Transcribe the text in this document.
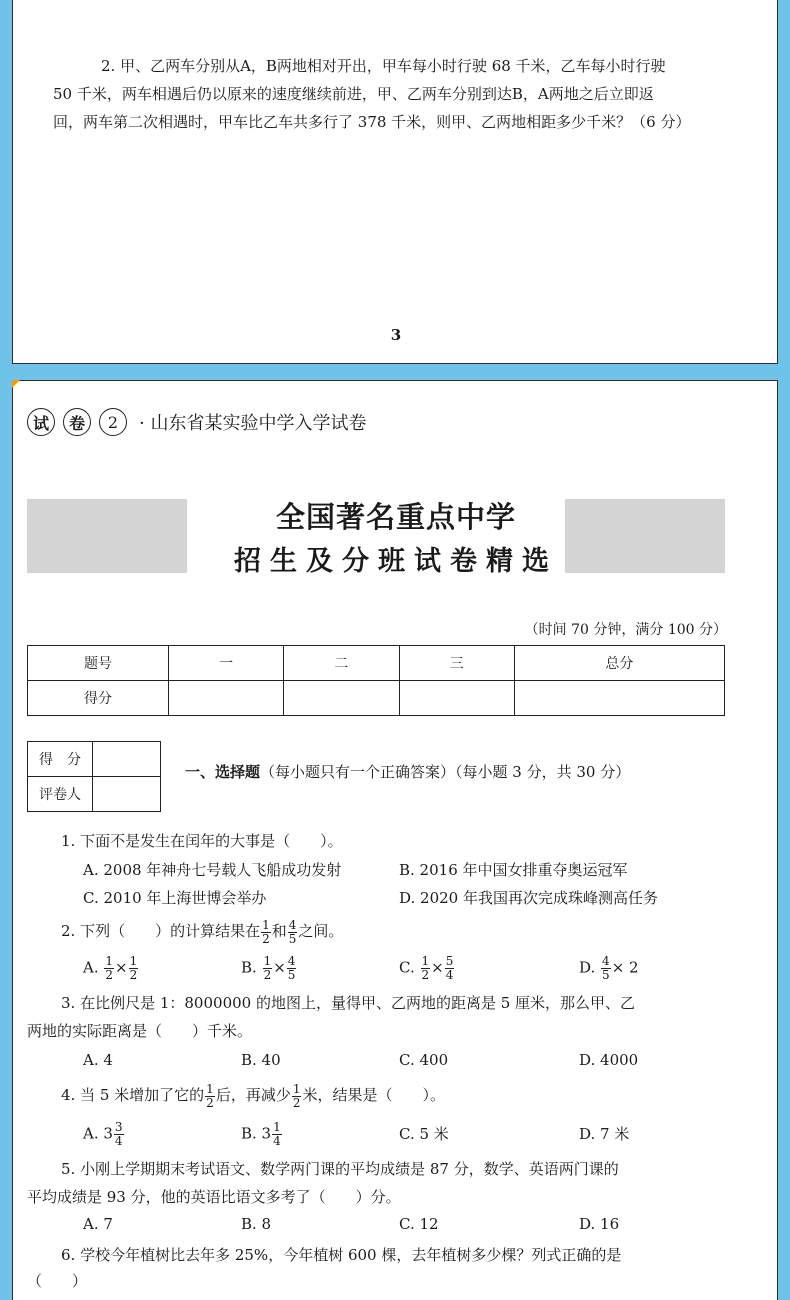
2. 甲、乙两车分别从A，B两地相对开出，甲车每小时行驶 68 千米，乙车每小时行驶
50 千米，两车相遇后仍以原来的速度继续前进，甲、乙两车分别到达B，A两地之后立即返
回，两车第二次相遇时，甲车比乙车共多行了 378 千米，则甲、乙两地相距多少千米？（6 分）
3
试	卷	2	· 山东省某实验中学入学试卷
全国著名重点中学
招生及分班试卷精选
（时间 70 分钟，满分 100 分）
题号	一	二	三	总分
得分				
得　分	
评卷人	
一、选择题（每小题只有一个正确答案）（每小题 3 分，共 30 分）
1. 下面不是发生在闰年的大事是（　　）。
A. 2008 年神舟七号载人飞船成功发射	B. 2016 年中国女排重夺奥运冠军
C. 2010 年上海世博会举办	D. 2020 年我国再次完成珠峰测高任务
2. 下列（　　）的计算结果在 $\frac{1}{2}$ 和 $\frac{4}{5}$ 之间。
A. $\frac{1}{2} \times \frac{1}{2}$	B. $\frac{1}{2} \times \frac{4}{5}$	C. $\frac{1}{2} \times \frac{5}{4}$	D. $\frac{4}{5} \times 2$
3. 在比例尺是 1：8000000 的地图上，量得甲、乙两地的距离是 5 厘米，那么甲、乙
两地的实际距离是（　　）千米。
A. 4	B. 40	C. 400	D. 4000
4. 当 5 米增加了它的 $\frac{1}{2}$ 后，再减少 $\frac{1}{2}$ 米，结果是（　　）。
A. $3 \frac{3}{4}$	B. $3 \frac{1}{4}$	C. 5 米	D. 7 米
5. 小刚上学期期末考试语文、数学两门课的平均成绩是 87 分，数学、英语两门课的
平均成绩是 93 分，他的英语比语文多考了（　　）分。
A. 7	B. 8	C. 12	D. 16
6. 学校今年植树比去年多 25%，今年植树 600 棵，去年植树多少棵？列式正确的是
（　　）
